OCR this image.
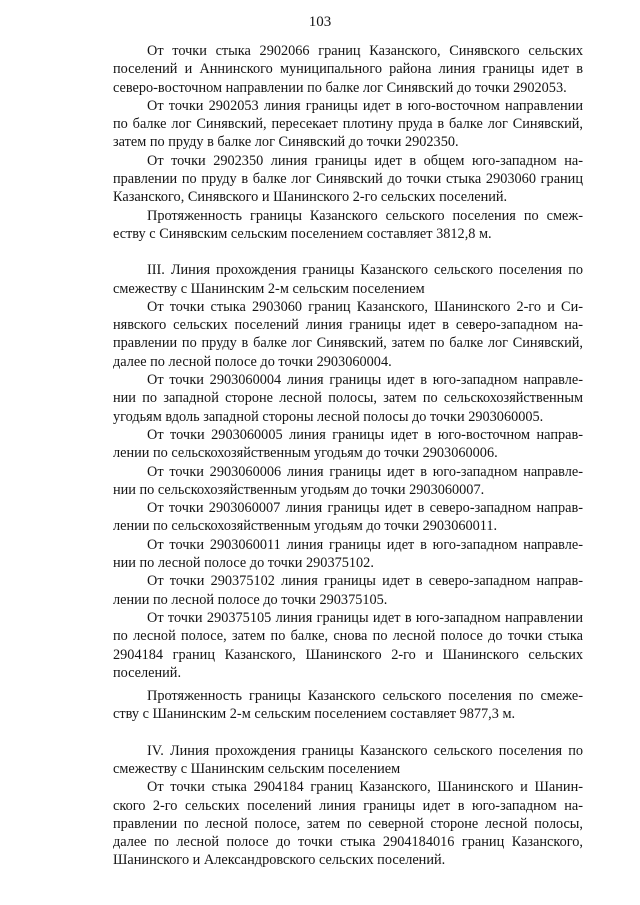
103

От точки стыка 2902066 границ Казанского, Синявского сельских поселений и Аннинского муниципального района линия границы идет в северо-восточном направлении по балке лог Синявский до точки 2902053.

От точки 2902053 линия границы идет в юго-восточном направлении по балке лог Синявский, пересекает плотину пруда в балке лог Синявский, затем по пруду в балке лог Синявский до точки 2902350.

От точки 2902350 линия границы идет в общем юго-западном направлении по пруду в балке лог Синявский до точки стыка 2903060 границ Казанского, Синявского и Шанинского 2-го сельских поселений.

Протяженность границы Казанского сельского поселения по смежеству с Синявским сельским поселением составляет 3812,8 м.

III. Линия прохождения границы Казанского сельского поселения по смежеству с Шанинским 2-м сельским поселением

От точки стыка 2903060 границ Казанского, Шанинского 2-го и Синявского сельских поселений линия границы идет в северо-западном направлении по пруду в балке лог Синявский, затем по балке лог Синявский, далее по лесной полосе до точки 2903060004.

От точки 2903060004 линия границы идет в юго-западном направлении по западной стороне лесной полосы, затем по сельскохозяйственным угодьям вдоль западной стороны лесной полосы до точки 2903060005.

От точки 2903060005 линия границы идет в юго-восточном направлении по сельскохозяйственным угодьям до точки 2903060006.

От точки 2903060006 линия границы идет в юго-западном направлении по сельскохозяйственным угодьям до точки 2903060007.

От точки 2903060007 линия границы идет в северо-западном направлении по сельскохозяйственным угодьям до точки 2903060011.

От точки 2903060011 линия границы идет в юго-западном направлении по лесной полосе до точки 290375102.

От точки 290375102 линия границы идет в северо-западном направлении по лесной полосе до точки 290375105.

От точки 290375105 линия границы идет в юго-западном направлении по лесной полосе, затем по балке, снова по лесной полосе до точки стыка 2904184 границ Казанского, Шанинского 2-го и Шанинского сельских поселений.

Протяженность границы Казанского сельского поселения по смежеству с Шанинским 2-м сельским поселением составляет 9877,3 м.

IV. Линия прохождения границы Казанского сельского поселения по смежеству с Шанинским сельским поселением

От точки стыка 2904184 границ Казанского, Шанинского и Шанинского 2-го сельских поселений линия границы идет в юго-западном направлении по лесной полосе, затем по северной стороне лесной полосы, далее по лесной полосе до точки стыка 2904184016 границ Казанского, Шанинского и Александровского сельских поселений.
